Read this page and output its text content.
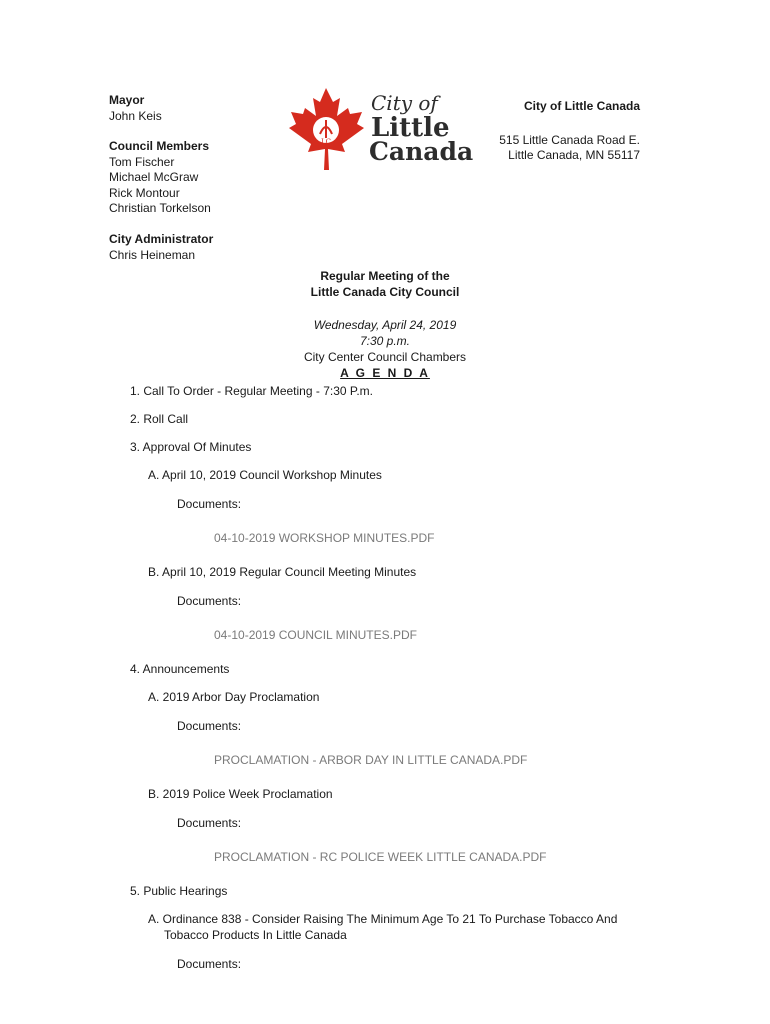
Mayor
John Keis
Council Members
Tom Fischer
Michael McGraw
Rick Montour
Christian Torkelson
City Administrator
Chris Heineman
LC
City of
Little
Canada
City of Little Canada
515 Little Canada Road E.
Little Canada, MN 55117
Regular Meeting of the
Little Canada City Council
Wednesday, April 24, 2019
7:30 p.m.
City Center Council Chambers
A G E N D A
1. Call To Order - Regular Meeting - 7:30 P.m.
2. Roll Call
3. Approval Of Minutes
A. April 10, 2019 Council Workshop Minutes
Documents:
04-10-2019 WORKSHOP MINUTES.PDF
B. April 10, 2019 Regular Council Meeting Minutes
Documents:
04-10-2019 COUNCIL MINUTES.PDF
4. Announcements
A. 2019 Arbor Day Proclamation
Documents:
PROCLAMATION - ARBOR DAY IN LITTLE CANADA.PDF
B. 2019 Police Week Proclamation
Documents:
PROCLAMATION - RC POLICE WEEK LITTLE CANADA.PDF
5. Public Hearings
A. Ordinance 838 - Consider Raising The Minimum Age To 21 To Purchase Tobacco And
Tobacco Products In Little Canada
Documents:
